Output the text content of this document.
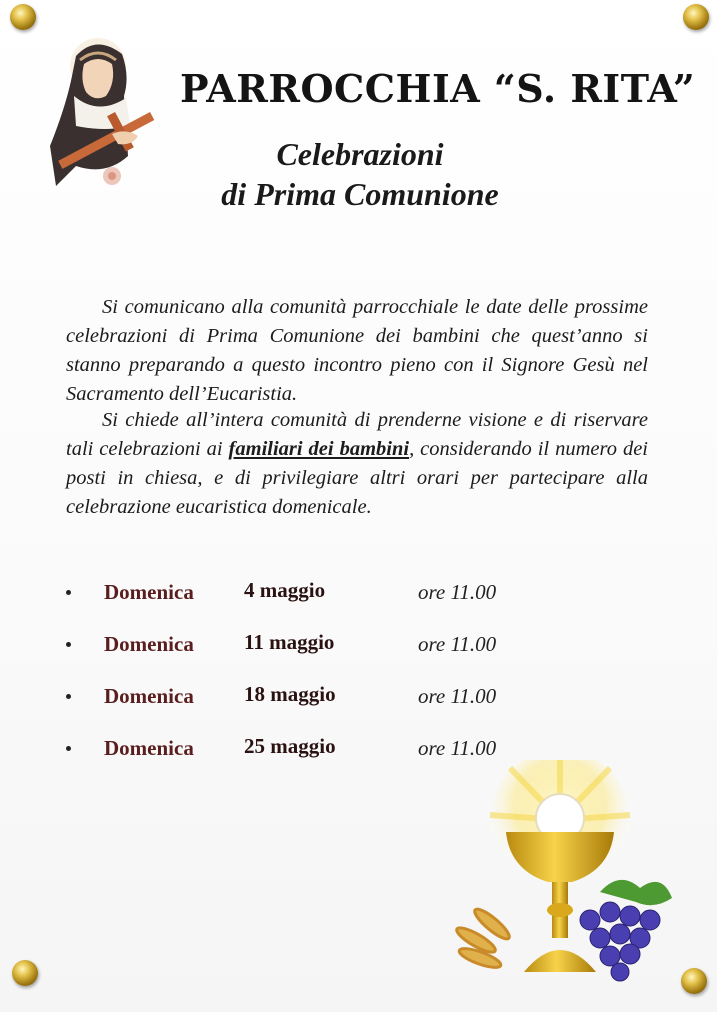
PARROCCHIA “S. RITA”
Celebrazioni
di Prima Comunione
Si comunicano alla comunità parrocchiale le date delle prossime celebrazioni di Prima Comunione dei bambini che quest’anno si stanno preparando a questo incontro pieno con il Signore Gesù nel Sacramento dell’Eucaristia.
Si chiede all’intera comunità di prenderne visione e di riservare tali celebrazioni ai familiari dei bambini, considerando il numero dei posti in chiesa, e di privilegiare altri orari per partecipare alla celebrazione eucaristica domenicale.
Domenica 4 maggio	ore 11.00
Domenica 11 maggio	ore 11.00
Domenica 18 maggio	ore 11.00
Domenica 25 maggio	ore 11.00
